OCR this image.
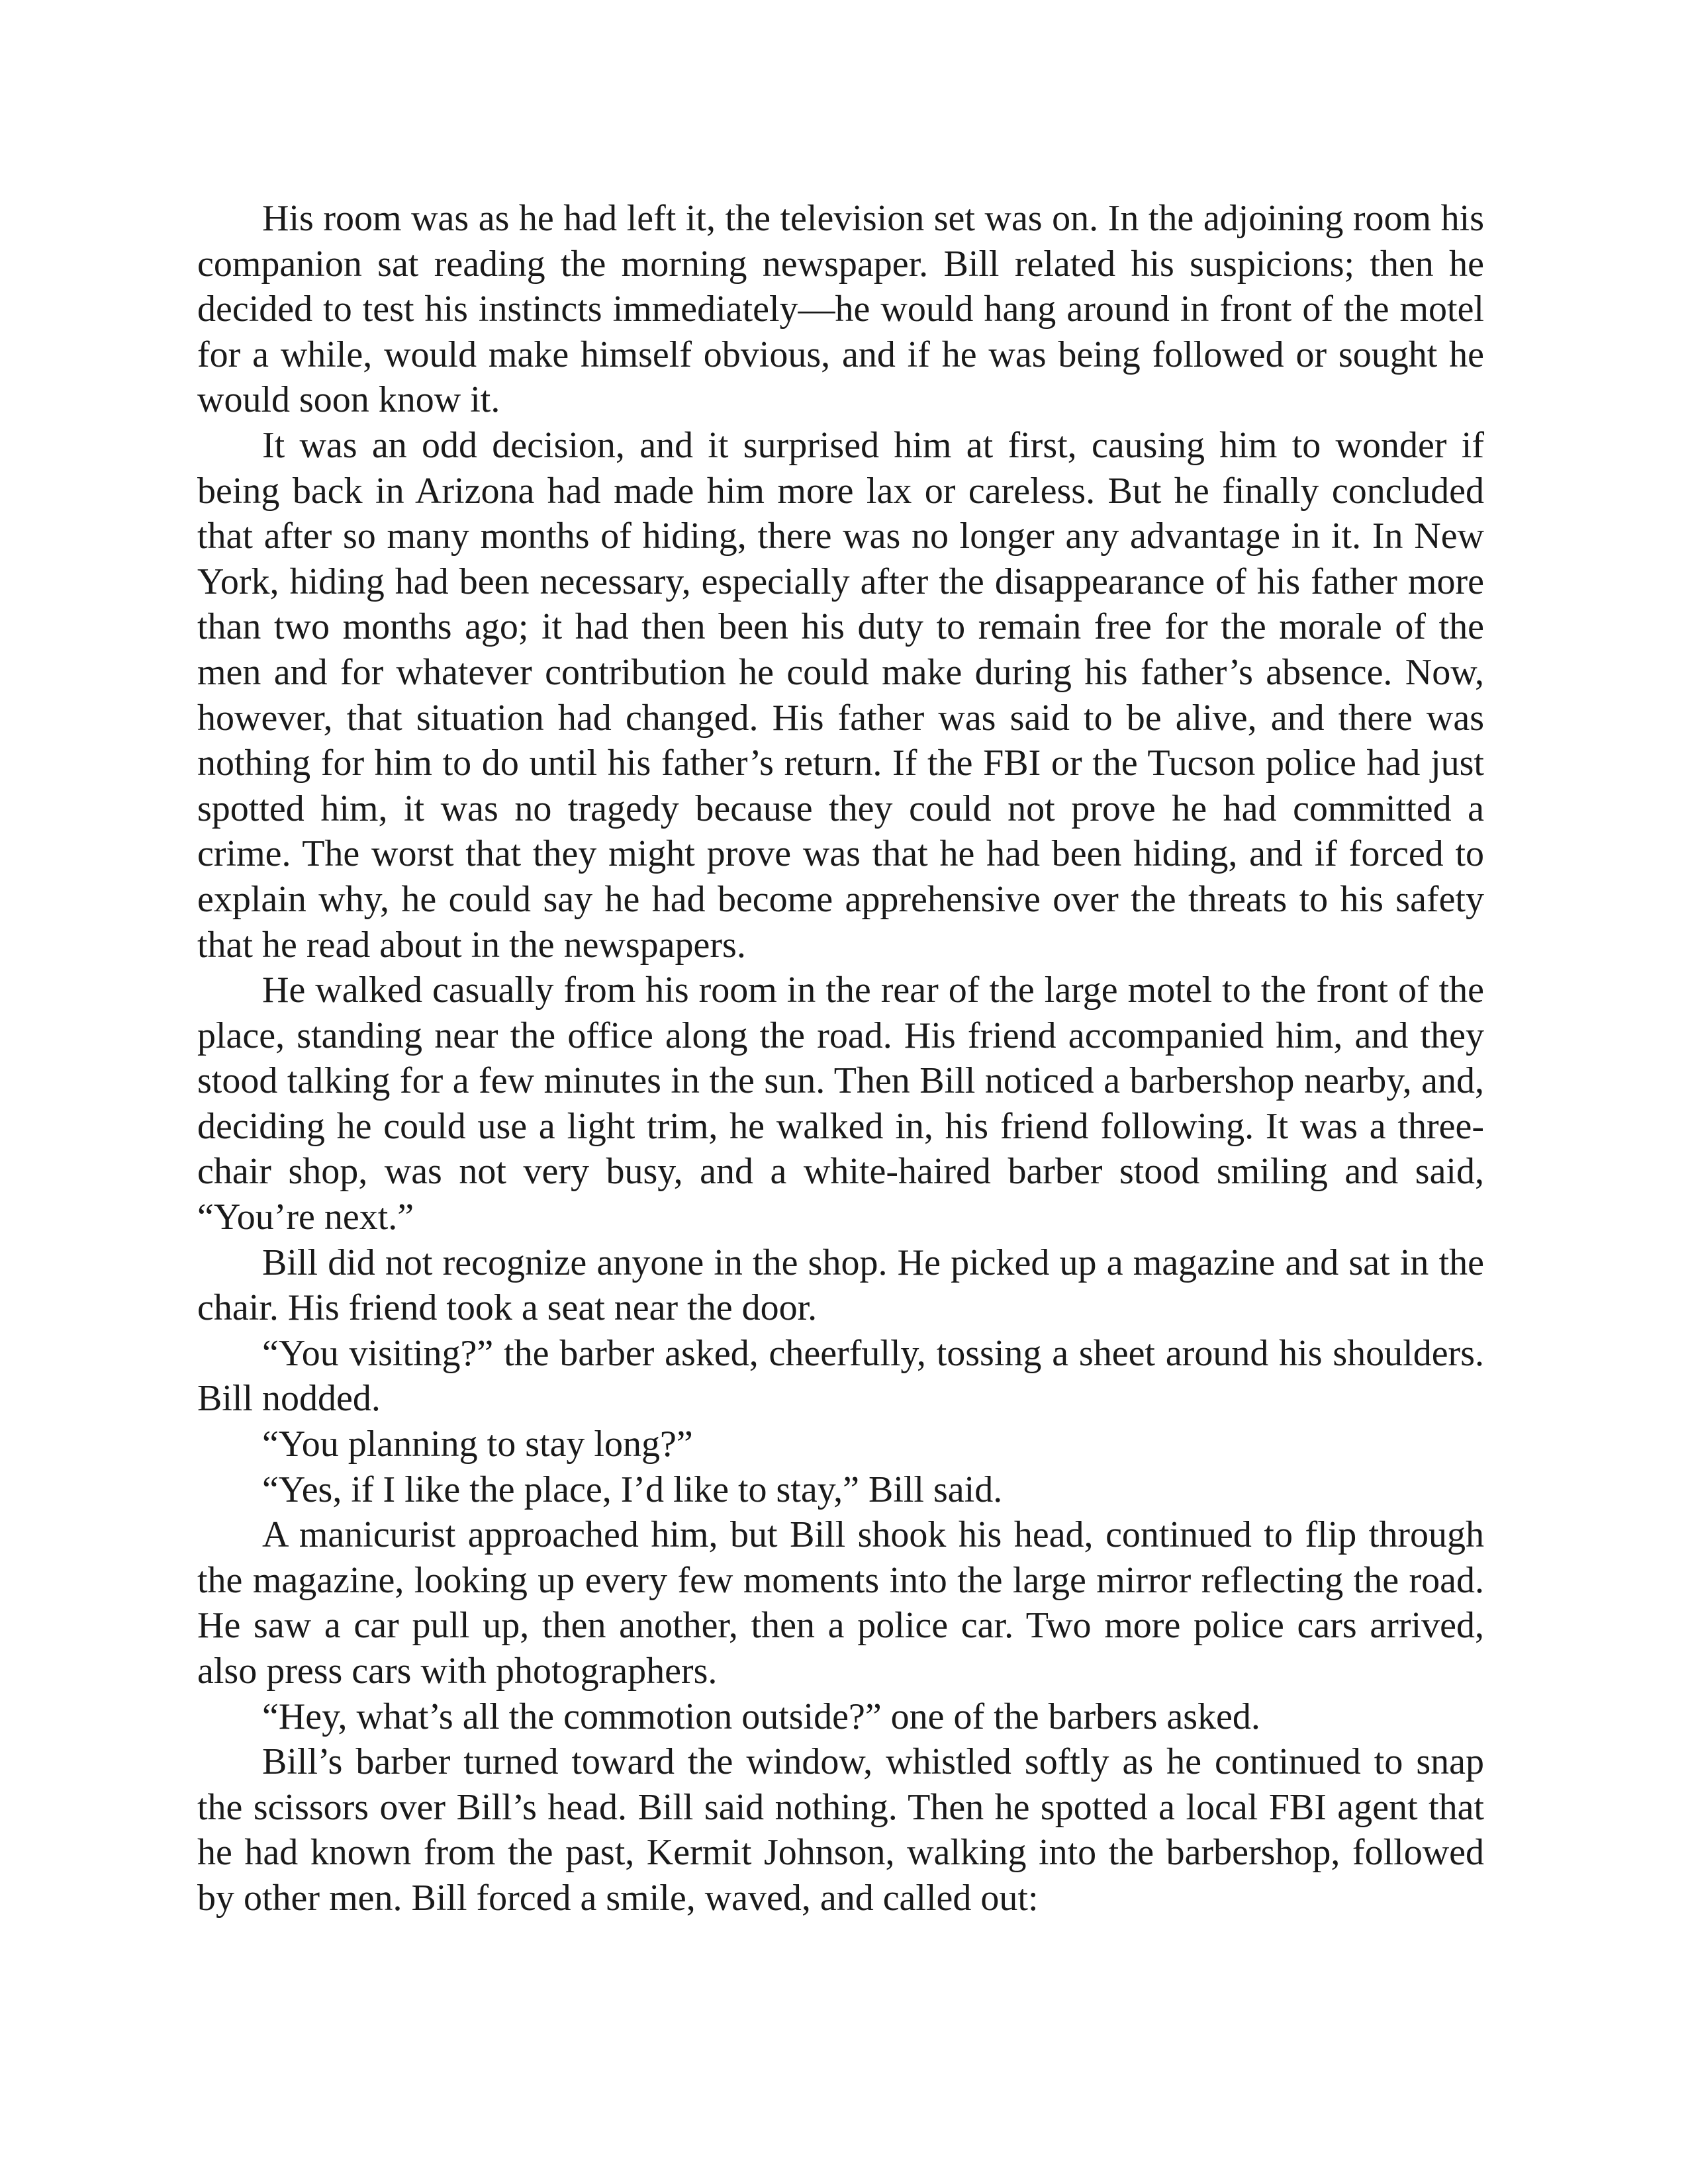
His room was as he had left it, the television set was on. In the adjoining room his companion sat reading the morning newspaper. Bill related his suspicions; then he decided to test his instincts immediately—he would hang around in front of the motel for a while, would make himself obvious, and if he was being followed or sought he would soon know it.

It was an odd decision, and it surprised him at first, causing him to wonder if being back in Arizona had made him more lax or careless. But he finally concluded that after so many months of hiding, there was no longer any advantage in it. In New York, hiding had been necessary, especially after the disappearance of his father more than two months ago; it had then been his duty to remain free for the morale of the men and for whatever contribution he could make during his father’s absence. Now, however, that situation had changed. His father was said to be alive, and there was nothing for him to do until his father’s return. If the FBI or the Tucson police had just spotted him, it was no tragedy because they could not prove he had committed a crime. The worst that they might prove was that he had been hiding, and if forced to explain why, he could say he had become apprehensive over the threats to his safety that he read about in the newspapers.

He walked casually from his room in the rear of the large motel to the front of the place, standing near the office along the road. His friend accompanied him, and they stood talking for a few minutes in the sun. Then Bill noticed a barbershop nearby, and, deciding he could use a light trim, he walked in, his friend following. It was a three-chair shop, was not very busy, and a white-haired barber stood smiling and said, “You’re next.”

Bill did not recognize anyone in the shop. He picked up a magazine and sat in the chair. His friend took a seat near the door.

“You visiting?” the barber asked, cheerfully, tossing a sheet around his shoulders. Bill nodded.

“You planning to stay long?”

“Yes, if I like the place, I’d like to stay,” Bill said.

A manicurist approached him, but Bill shook his head, continued to flip through the magazine, looking up every few moments into the large mirror reflecting the road. He saw a car pull up, then another, then a police car. Two more police cars arrived, also press cars with photographers.

“Hey, what’s all the commotion outside?” one of the barbers asked.

Bill’s barber turned toward the window, whistled softly as he continued to snap the scissors over Bill’s head. Bill said nothing. Then he spotted a local FBI agent that he had known from the past, Kermit Johnson, walking into the barbershop, followed by other men. Bill forced a smile, waved, and called out:
